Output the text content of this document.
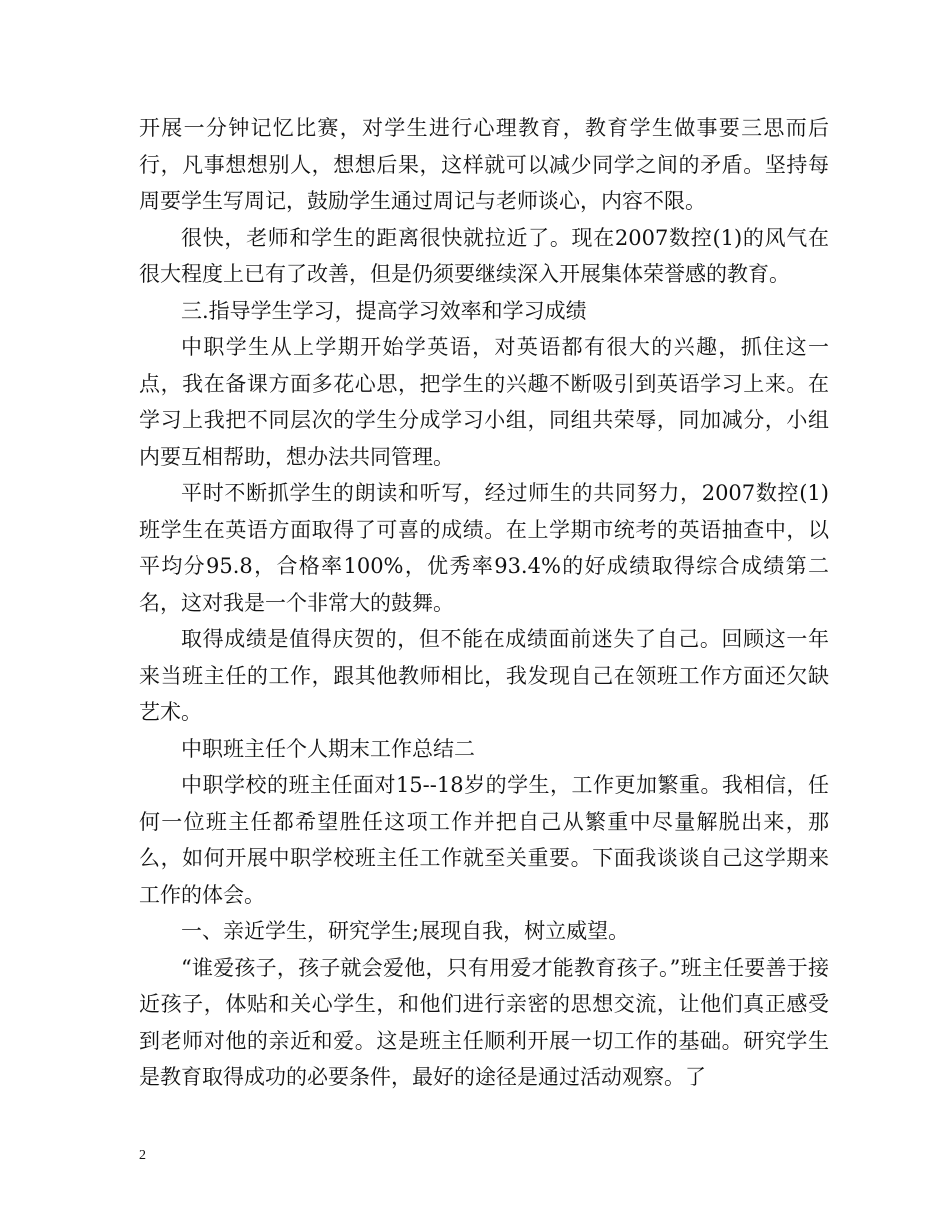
开展一分钟记忆比赛，对学生进行心理教育，教育学生做事要三思而后行，凡事想想别人，想想后果，这样就可以减少同学之间的矛盾。坚持每周要学生写周记，鼓励学生通过周记与老师谈心，内容不限。

很快，老师和学生的距离很快就拉近了。现在2007数控(1)的风气在很大程度上已有了改善，但是仍须要继续深入开展集体荣誉感的教育。

三.指导学生学习，提高学习效率和学习成绩

中职学生从上学期开始学英语，对英语都有很大的兴趣，抓住这一点，我在备课方面多花心思，把学生的兴趣不断吸引到英语学习上来。在学习上我把不同层次的学生分成学习小组，同组共荣辱，同加减分，小组内要互相帮助，想办法共同管理。

平时不断抓学生的朗读和听写，经过师生的共同努力，2007数控(1)班学生在英语方面取得了可喜的成绩。在上学期市统考的英语抽查中，以平均分95.8，合格率100%，优秀率93.4%的好成绩取得综合成绩第二名，这对我是一个非常大的鼓舞。

取得成绩是值得庆贺的，但不能在成绩面前迷失了自己。回顾这一年来当班主任的工作，跟其他教师相比，我发现自己在领班工作方面还欠缺艺术。

中职班主任个人期末工作总结二

中职学校的班主任面对15--18岁的学生，工作更加繁重。我相信，任何一位班主任都希望胜任这项工作并把自己从繁重中尽量解脱出来，那么，如何开展中职学校班主任工作就至关重要。下面我谈谈自己这学期来工作的体会。

一、亲近学生，研究学生;展现自我，树立威望。

“谁爱孩子，孩子就会爱他，只有用爱才能教育孩子。”班主任要善于接近孩子，体贴和关心学生，和他们进行亲密的思想交流，让他们真正感受到老师对他的亲近和爱。这是班主任顺利开展一切工作的基础。研究学生是教育取得成功的必要条件，最好的途径是通过活动观察。了

2
